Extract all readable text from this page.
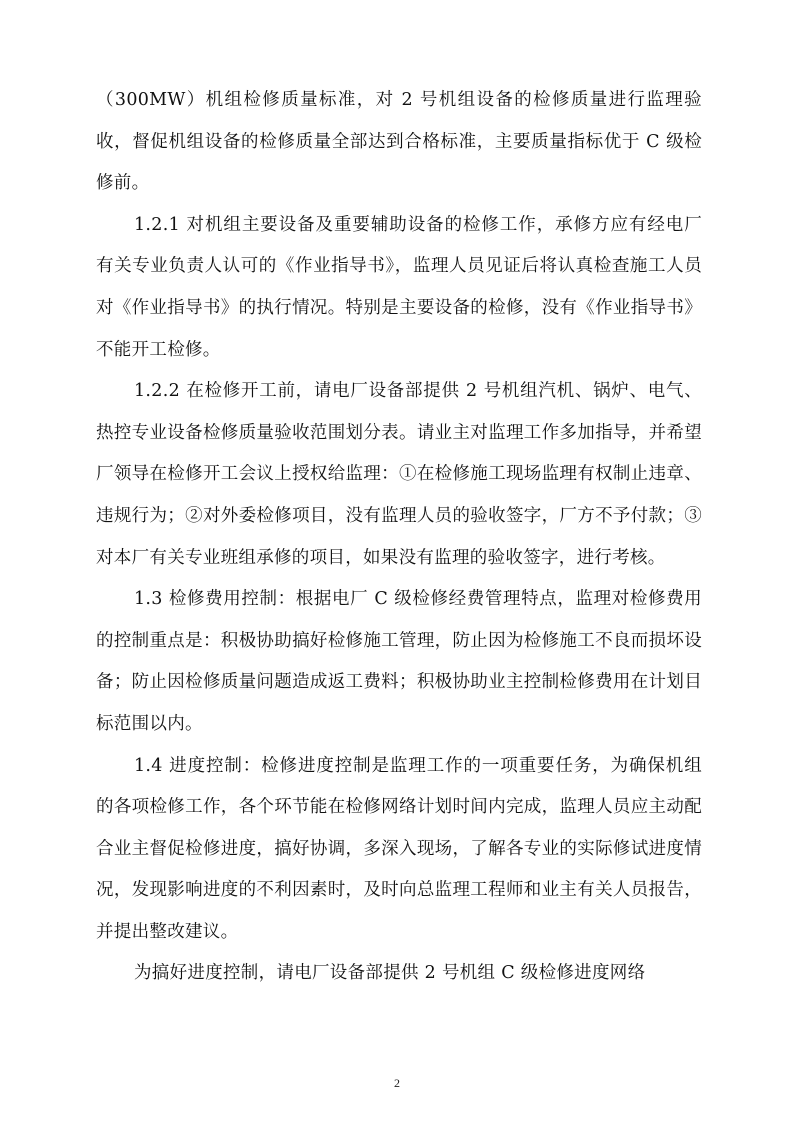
（300MW）机组检修质量标准，对 2 号机组设备的检修质量进行监理验收，督促机组设备的检修质量全部达到合格标准，主要质量指标优于 C 级检修前。

1.2.1 对机组主要设备及重要辅助设备的检修工作，承修方应有经电厂有关专业负责人认可的《作业指导书》，监理人员见证后将认真检查施工人员对《作业指导书》的执行情况。特别是主要设备的检修，没有《作业指导书》不能开工检修。

1.2.2 在检修开工前，请电厂设备部提供 2 号机组汽机、锅炉、电气、热控专业设备检修质量验收范围划分表。请业主对监理工作多加指导，并希望厂领导在检修开工会议上授权给监理：①在检修施工现场监理有权制止违章、违规行为；②对外委检修项目，没有监理人员的验收签字，厂方不予付款；③对本厂有关专业班组承修的项目，如果没有监理的验收签字，进行考核。

1.3 检修费用控制：根据电厂 C 级检修经费管理特点，监理对检修费用的控制重点是：积极协助搞好检修施工管理，防止因为检修施工不良而损坏设备；防止因检修质量问题造成返工费料；积极协助业主控制检修费用在计划目标范围以内。

1.4 进度控制：检修进度控制是监理工作的一项重要任务，为确保机组的各项检修工作，各个环节能在检修网络计划时间内完成，监理人员应主动配合业主督促检修进度，搞好协调，多深入现场，了解各专业的实际修试进度情况，发现影响进度的不利因素时，及时向总监理工程师和业主有关人员报告，并提出整改建议。

为搞好进度控制，请电厂设备部提供 2 号机组 C 级检修进度网络

2
